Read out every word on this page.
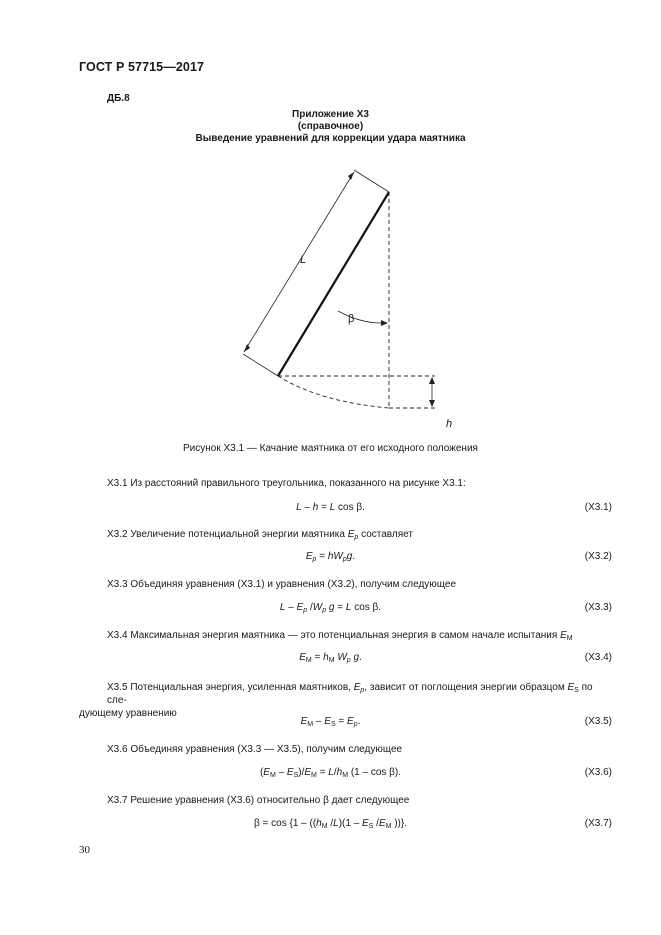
ГОСТ Р 57715—2017
ДБ.8
Приложение Х3
(справочное)
Выведение уравнений для коррекции удара маятника
L
β
h
Рисунок Х3.1 — Качание маятника от его исходного положения
Х3.1 Из расстояний правильного треугольника, показанного на рисунке Х3.1:
L – h = L cos β.	(Х3.1)
Х3.2 Увеличение потенциальной энергии маятника $E_p$ составляет
$E_p = hW_pg$.	(Х3.2)
Х3.3 Объединяя уравнения (Х3.1) и уравнения (Х3.2), получим следующее
L – $E_p$ $/W_p$ g = L cos β.	(Х3.3)
Х3.4 Максимальная энергия маятника — это потенциальная энергия в самом начале испытания $E_M$
$E_M = h_M$ $W_p$ g.	(Х3.4)
Х3.5 Потенциальная энергия, усиленная маятников, $E_p$, зависит от поглощения энергии образцом $E_S$ по сле-
дующему уравнению
$E_M - E_S = E_p$.	(Х3.5)
Х3.6 Объединяя уравнения (Х3.3 — Х3.5), получим следующее
$(E_M - E_S)/E_M = L/h_M$ (1 – cos β).	(Х3.6)
Х3.7 Решение уравнения (Х3.6) относительно β дает следующее
$\beta = \cos \{1 - ((h_M$ $/L)(1 - E_S$ $/E_M$ ))}.	(Х3.7)
30
